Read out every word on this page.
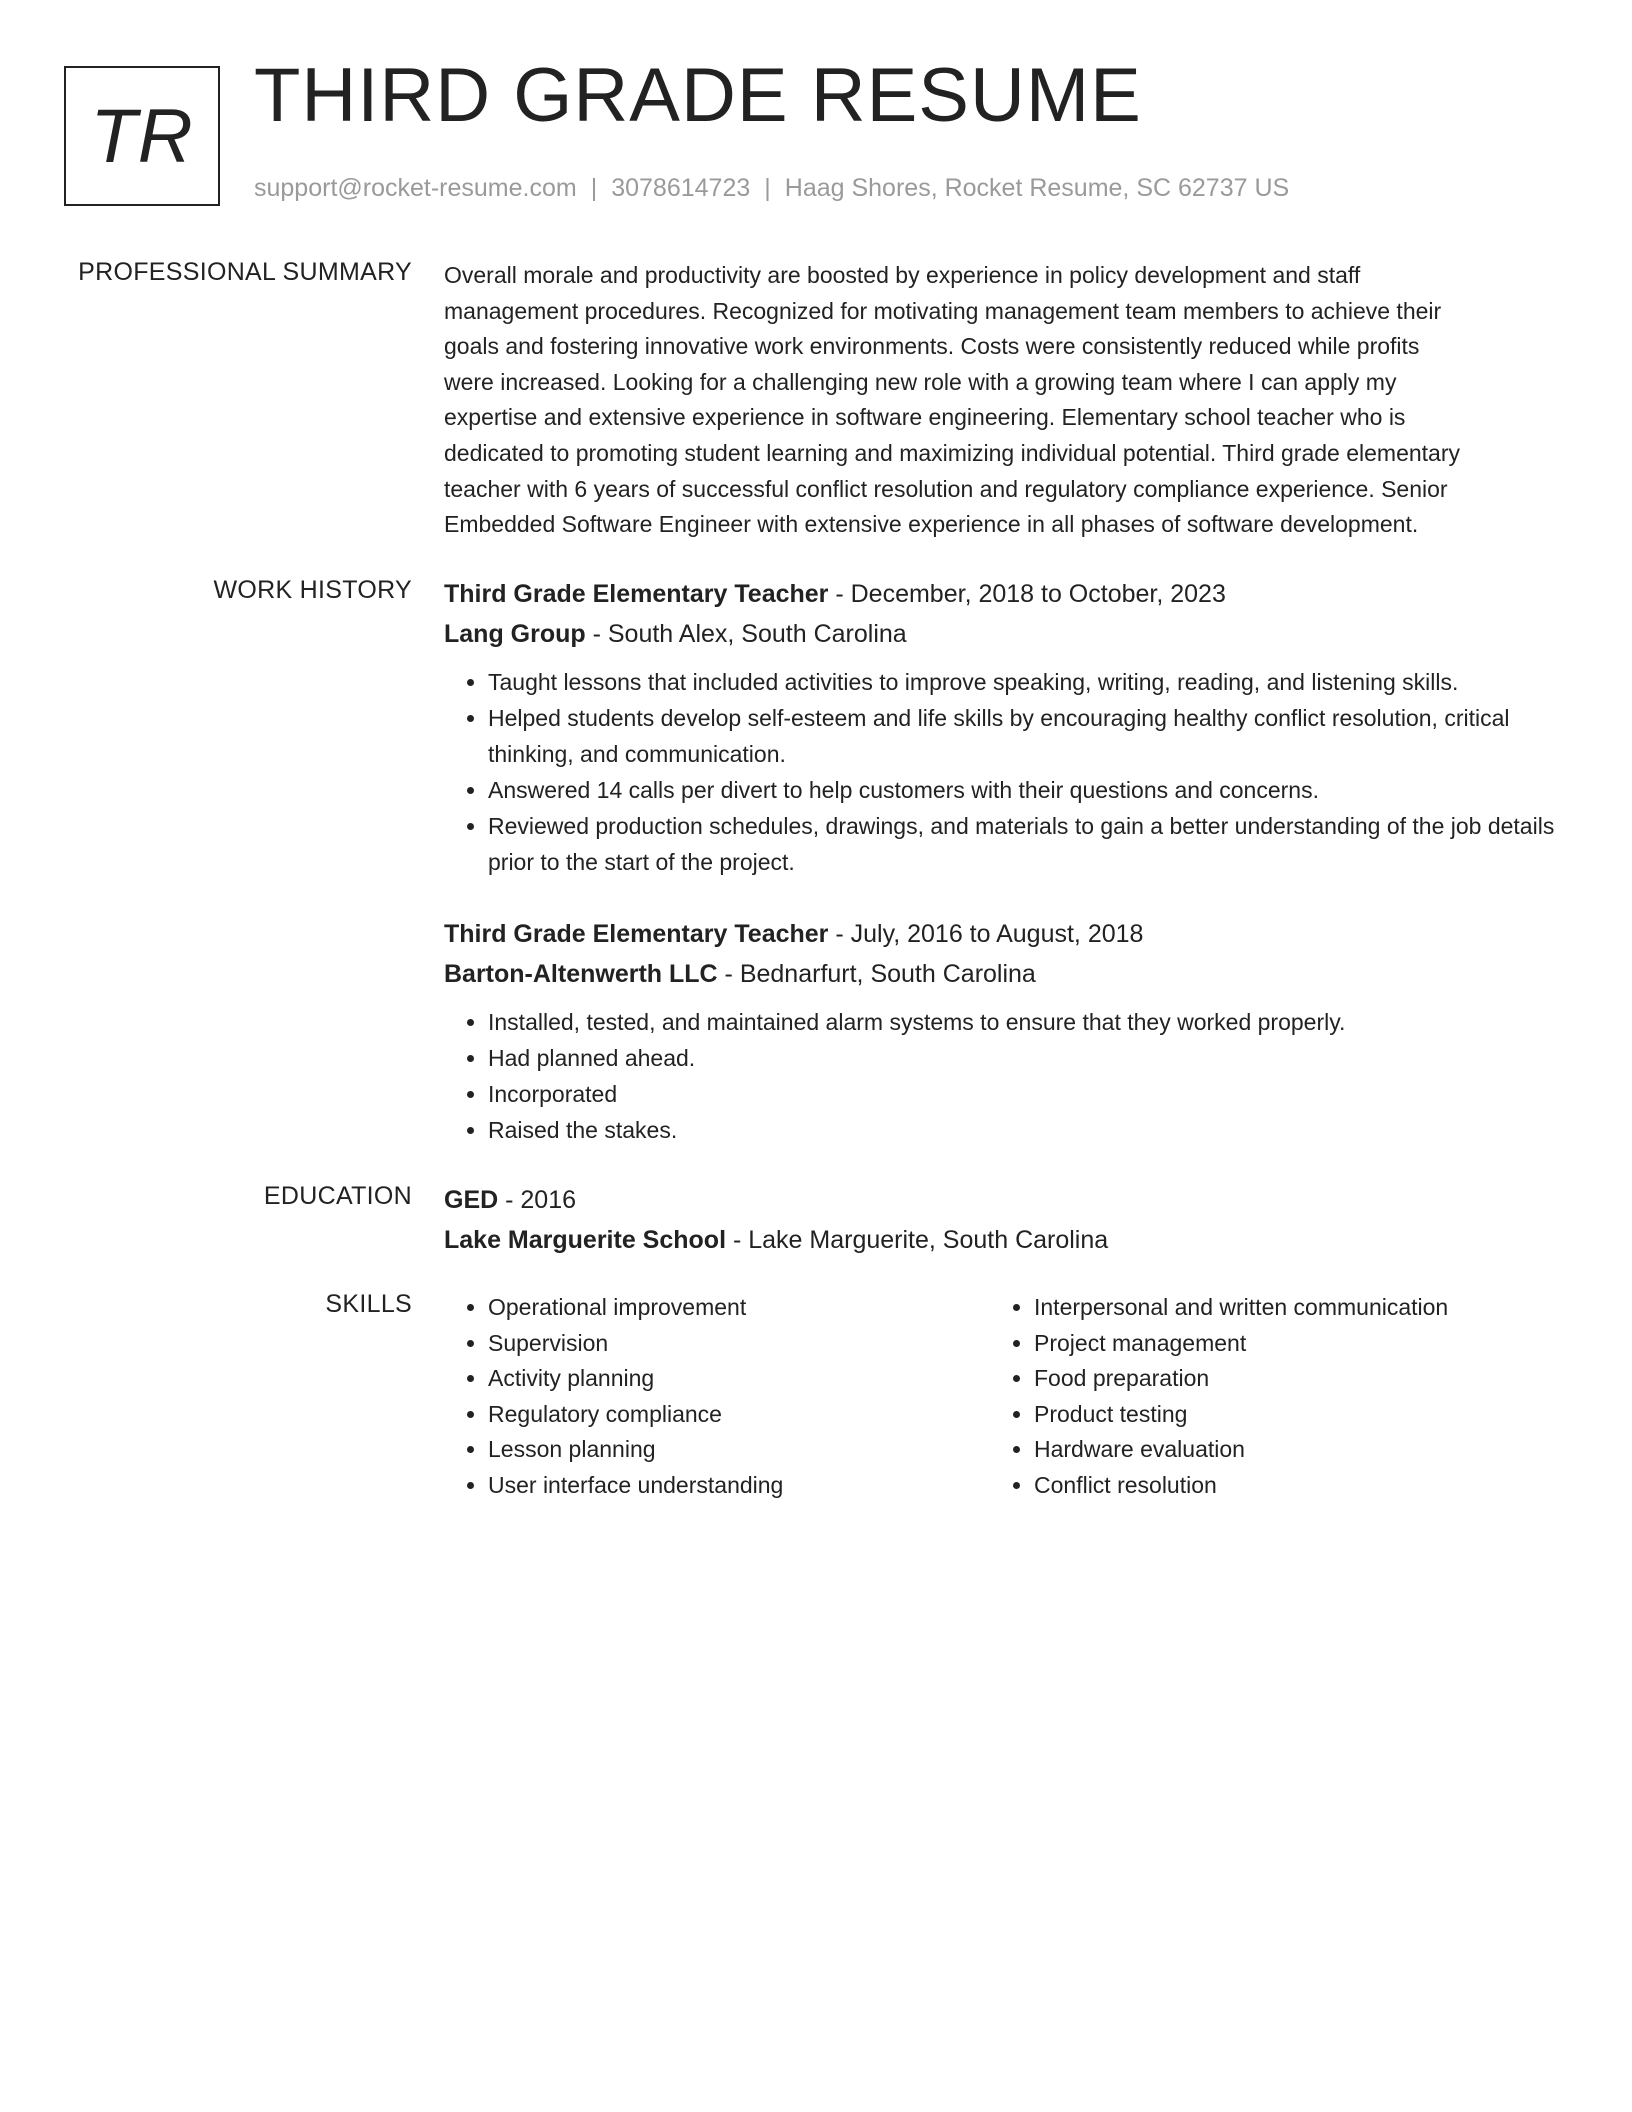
TR THIRD GRADE RESUME
support@rocket-resume.com | 3078614723 | Haag Shores, Rocket Resume, SC 62737 US
PROFESSIONAL SUMMARY Overall morale and productivity are boosted by experience in policy development and staff

management procedures. Recognized for motivating management team members to achieve their

goals and fostering innovative work environments. Costs were consistently reduced while profits

were increased. Looking for a challenging new role with a growing team where I can apply my

expertise and extensive experience in software engineering. Elementary school teacher who is

dedicated to promoting student learning and maximizing individual potential. Third grade elementary

teacher with 6 years of successful conflict resolution and regulatory compliance experience. Senior

Embedded Software Engineer with extensive experience in all phases of software development.

WORK HISTORY Third Grade Elementary Teacher - December, 2018 to October, 2023
Lang Group - South Alex, South Carolina
• Taught lessons that included activities to improve speaking, writing, reading, and listening skills.
• Helped students develop self-esteem and life skills by encouraging healthy conflict resolution, critical thinking, and communication.
• Answered 14 calls per divert to help customers with their questions and concerns.
• Reviewed production schedules, drawings, and materials to gain a better understanding of the job details prior to the start of the project.
Third Grade Elementary Teacher - July, 2016 to August, 2018
Barton-Altenwerth LLC - Bednarfurt, South Carolina
• Installed, tested, and maintained alarm systems to ensure that they worked properly.
• Had planned ahead.
• Incorporated
• Raised the stakes.
EDUCATION GED - 2016
Lake Marguerite School - Lake Marguerite, South Carolina
SKILLS
•	Operational improvement
• Supervision
• Activity planning
• Regulatory compliance
• Lesson planning
• User interface understanding
• Interpersonal and written communication
• Project management
• Food preparation
• Product testing
• Hardware evaluation
• Conflict resolution
